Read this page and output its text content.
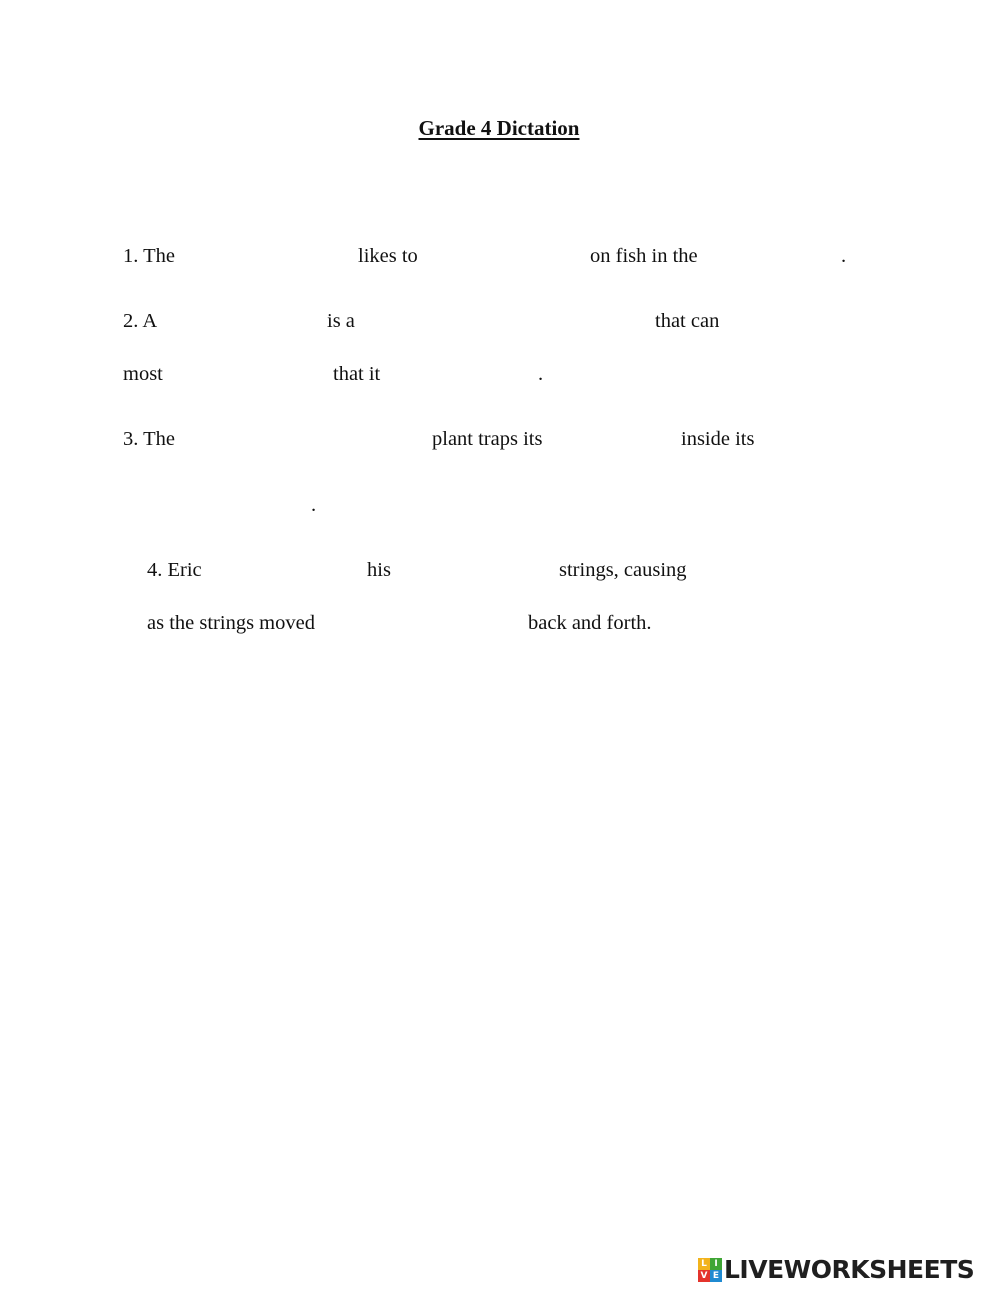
Grade 4 Dictation
1. The	likes to	on fish in the	.
2. A	is a	that can
most	that it	.
3. The	plant traps its	inside its
.
4. Eric	his	strings, causing
as the strings moved	back and forth.
L I
V E LIVEWORKSHEETS
